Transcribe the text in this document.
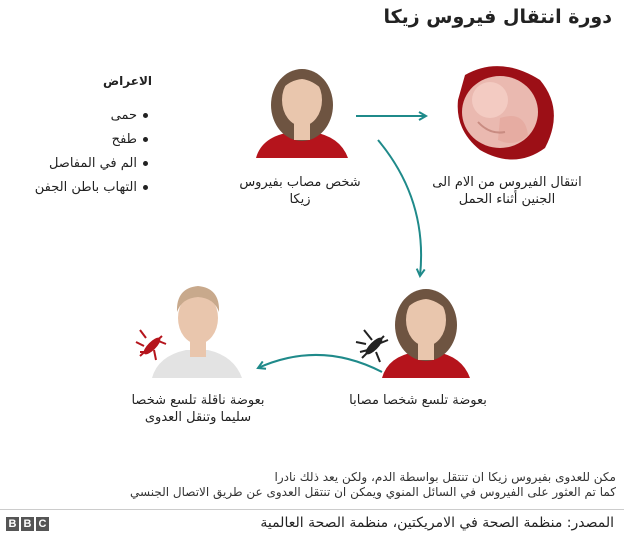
دورة انتقال فيروس زيكا
الاعراض
حمى
طفح
الم في المفاصل
التهاب باطن الجفن	شخص مصاب بفيروس زيكا
انتقال الفيروس من الام الى الجنين أثناء الحمل
بعوضة تلسع شخصا مصابا
بعوضة ناقلة تلسع شخصا سليما وتنقل العدوى
مكن للعدوى بفيروس زيكا ان تنتقل بواسطة الدم، ولكن يعد ذلك نادرا
كما تم العثور على الفيروس في السائل المنوي ويمكن ان تنتقل العدوى عن طريق الاتصال الجنسي
B B C	المصدر: منظمة الصحة في الامريكتين، منظمة الصحة العالمية
